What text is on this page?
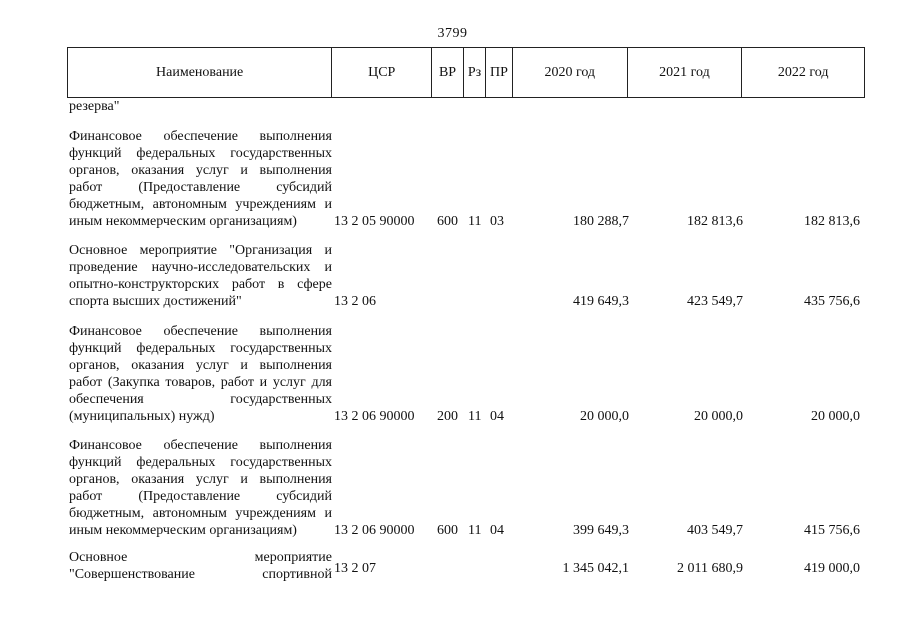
3799
Наименование	ЦСР	ВР Рз ПР	2020 год	2021 год	2022 год
резерва"
Финансовое обеспечение выполнения функций федеральных государственных органов, оказания услуг и выполнения работ (Предоставление субсидий бюджетным, автономным учреждениям и иным некоммерческим организациям)	13 2 05 90000 600 11 03	180 288,7	182 813,6	182 813,6
Основное мероприятие "Организация и проведение научно-исследовательских и опытно-конструкторских работ в сфере спорта высших достижений"	13 2 06	419 649,3	423 549,7	435 756,6
Финансовое обеспечение выполнения функций федеральных государственных органов, оказания услуг и выполнения работ (Закупка товаров, работ и услуг для обеспечения государственных (муниципальных) нужд)	13 2 06 90000 200 11 04	20 000,0	20 000,0	20 000,0
Финансовое обеспечение выполнения функций федеральных государственных органов, оказания услуг и выполнения работ (Предоставление субсидий бюджетным, автономным учреждениям и иным некоммерческим организациям)	13 2 06 90000 600 11 04	399 649,3	403 549,7	415 756,6
Основное	мероприятие
"Совершенствование	спортивной 13 2 07	1 345 042,1	2 011 680,9	419 000,0
